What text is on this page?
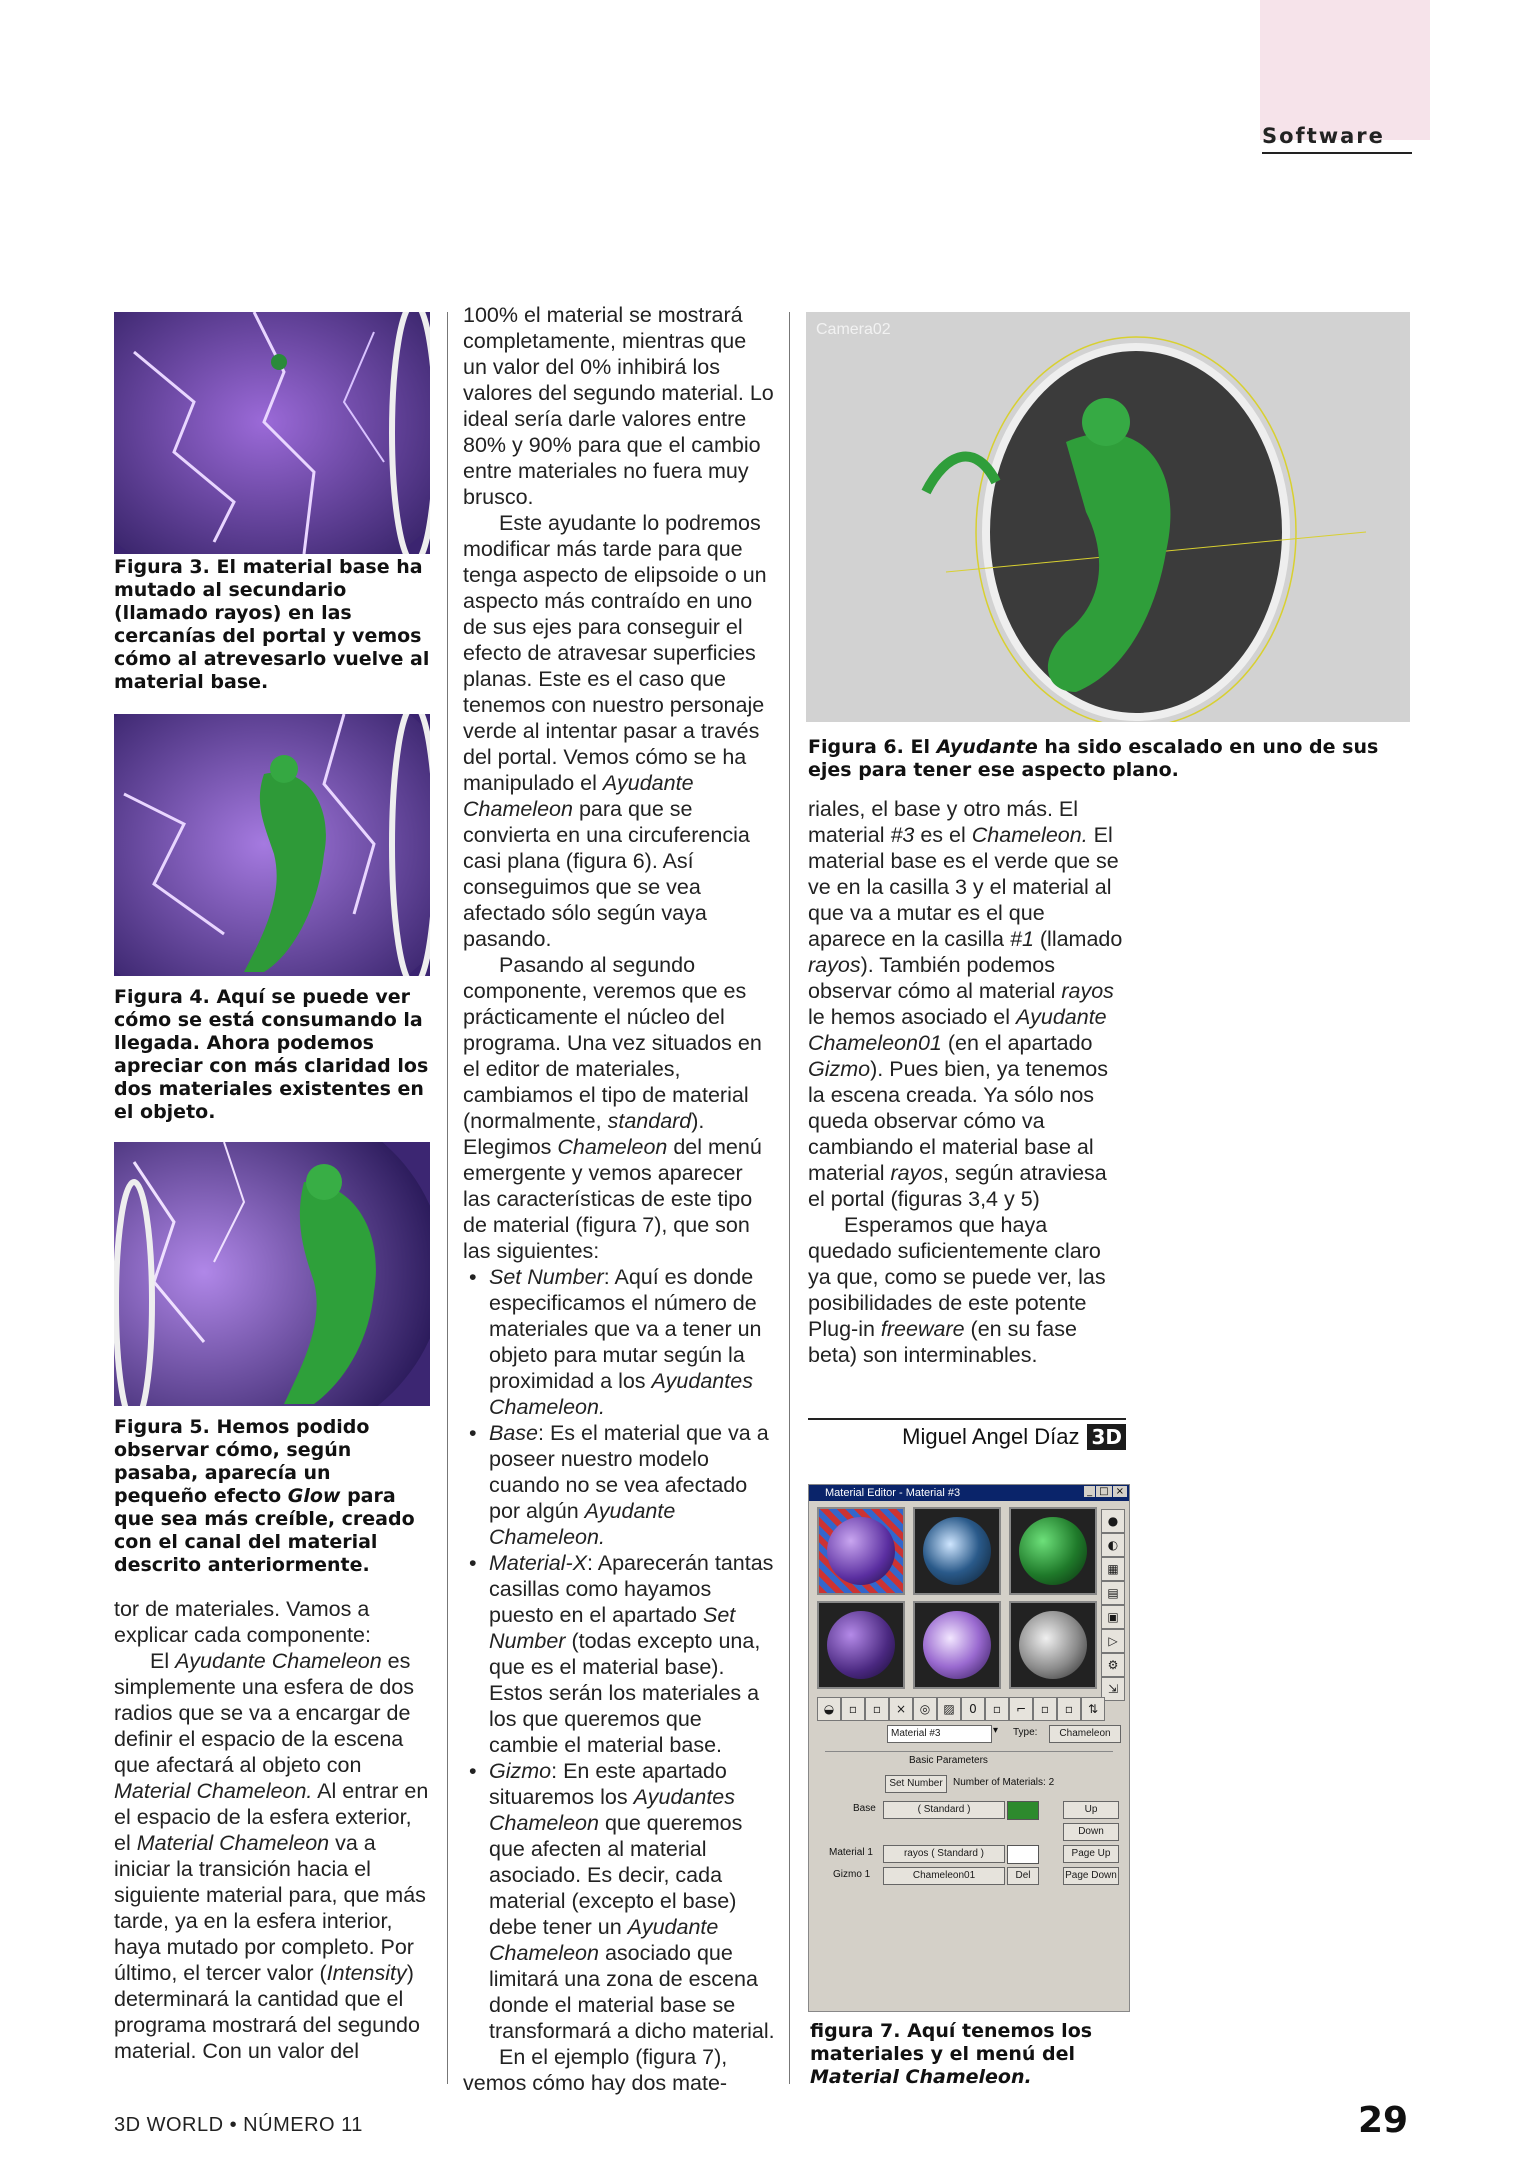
Software
Figura 3. El material base ha mutado al secundario (llamado rayos) en las cercanías del portal y vemos cómo al atrevesarlo vuelve al material base.
Figura 4. Aquí se puede ver cómo se está consumando la llegada. Ahora podemos apreciar con más claridad los dos materiales existentes en el objeto.
Figura 5. Hemos podido observar cómo, según pasaba, aparecía un pequeño efecto Glow para que sea más creíble, creado con el canal del material descrito anteriormente.

tor de materiales. Vamos a explicar cada componente:

El Ayudante Chameleon es simplemente una esfera de dos radios que se va a encargar de definir el espacio de la escena que afectará al objeto con Material Chameleon. Al entrar en el espacio de la esfera exterior, el Material Chameleon va a iniciar la transición hacia el siguiente material para, que más tarde, ya en la esfera interior, haya mutado por completo. Por último, el tercer valor (Intensity) determinará la cantidad que el programa mostrará del segundo material. Con un valor del

100% el material se mostrará completamente, mientras que un valor del 0% inhibirá los valores del segundo material. Lo ideal sería darle valores entre 80% y 90% para que el cambio entre materiales no fuera muy brusco.

Este ayudante lo podremos modificar más tarde para que tenga aspecto de elipsoide o un aspecto más contraído en uno de sus ejes para conseguir el efecto de atravesar superficies planas. Este es el caso que tenemos con nuestro personaje verde al intentar pasar a través del portal. Vemos cómo se ha manipulado el Ayudante Chameleon para que se convierta en una circuferencia casi plana (figura 6). Así conseguimos que se vea afectado sólo según vaya pasando.

Pasando al segundo componente, veremos que es prácticamente el núcleo del programa. Una vez situados en el editor de materiales, cambiamos el tipo de material (normalmente, standard). Elegimos Chameleon del menú emergente y vemos aparecer las características de este tipo de material (figura 7), que son las siguientes:

• Set Number: Aquí es donde especificamos el número de materiales que va a tener un objeto para mutar según la proximidad a los Ayudantes Chameleon.
• Base: Es el material que va a poseer nuestro modelo cuando no se vea afectado por algún Ayudante Chameleon.
• Material-X: Aparecerán tantas casillas como hayamos puesto en el apartado Set Number (todas excepto una, que es el material base). Estos serán los materiales a los que queremos que cambie el material base.
• Gizmo: En este apartado situaremos los Ayudantes Chameleon que queremos que afecten al material asociado. Es decir, cada material (excepto el base) debe tener un Ayudante Chameleon asociado que limitará una zona de escena donde el material base se transformará a dicho material.

En el ejemplo (figura 7), vemos cómo hay dos mate-

Camera02
Figura 6. El Ayudante ha sido escalado en uno de sus ejes para tener ese aspecto plano.

riales, el base y otro más. El material #3 es el Chameleon. El material base es el verde que se ve en la casilla 3 y el material al que va a mutar es el que aparece en la casilla #1 (llamado rayos). También podemos observar cómo al material rayos le hemos asociado el Ayudante Chameleon01 (en el apartado Gizmo). Pues bien, ya tenemos la escena creada. Ya sólo nos queda observar cómo va cambiando el material base al material rayos, según atraviesa el portal (figuras 3,4 y 5)

Esperamos que haya quedado suficientemente claro ya que, como se puede ver, las posibilidades de este potente Plug-in freeware (en su fase beta) son interminables.

Miguel Angel Díaz 3D
Material Editor - Material #3	_ □ ×
●
◐
▦
▤
▣
▷
⚙
⇲
◒	▫	▫	×	◎	▨	0	▫	⌐	▫	▫	⇅
Material #3	▾ Type:	Chameleon
Basic Parameters
Set Number	Number of Materials: 2
Base	( Standard )	Up
Down
Material 1	rayos ( Standard )	Page Up
Gizmo 1	Chameleon01	Del	Page Down
figura 7. Aquí tenemos los materiales y el menú del Material Chameleon.
3D WORLD • NÚMERO 11	29
